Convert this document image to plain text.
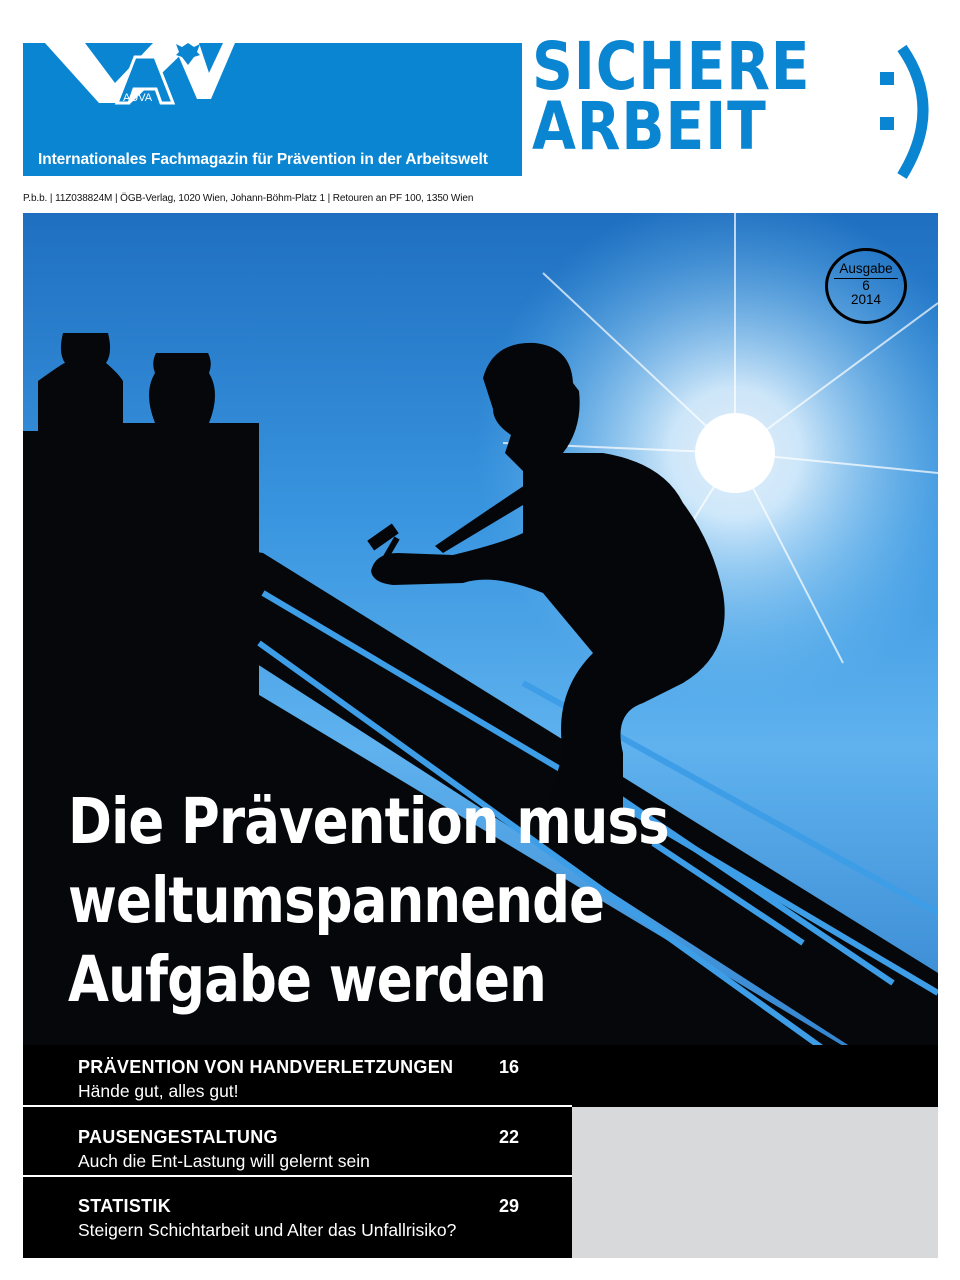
AUVA
Internationales Fachmagazin für Prävention in der Arbeitswelt
SICHERE
ARBEIT
P.b.b. | 11Z038824M | ÖGB-Verlag, 1020 Wien, Johann-Böhm-Platz 1 | Retouren an PF 100, 1350 Wien
Ausgabe
6
2014
Die Prävention muss
weltumspannende
Aufgabe werden
PRÄVENTION VON HANDVERLETZUNGEN
Hände gut, alles gut!
16
PAUSENGESTALTUNG
Auch die Ent-Lastung will gelernt sein
22
STATISTIK
Steigern Schichtarbeit und Alter das Unfallrisiko?
29
